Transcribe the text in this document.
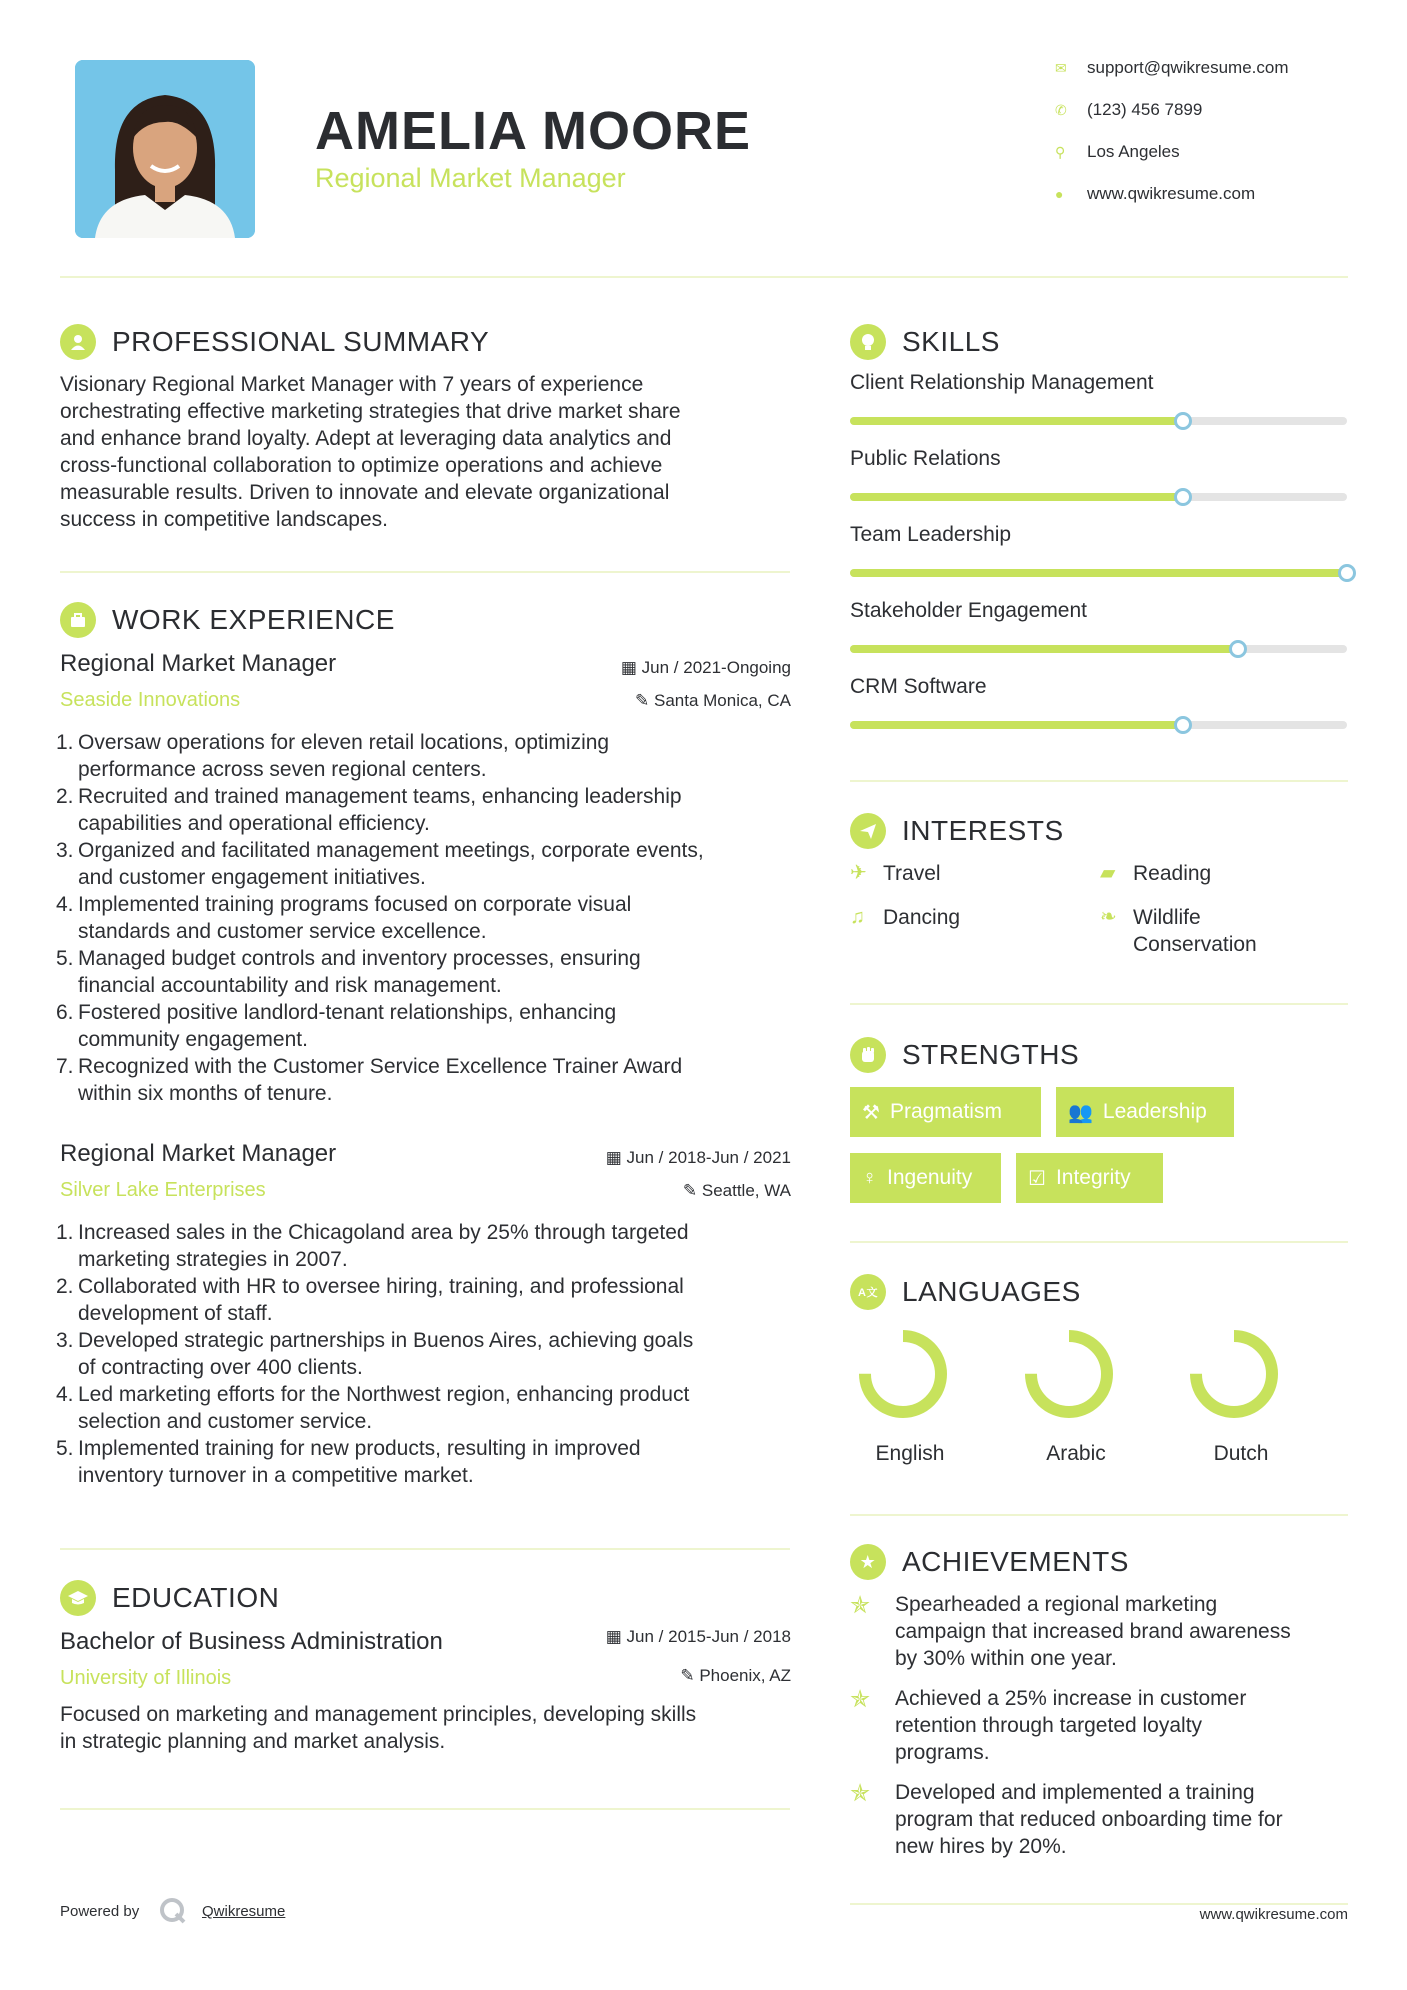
AMELIA MOORE
Regional Market Manager
✉	support@qwikresume.com
✆	(123) 456 7899
⚲	Los Angeles
●	www.qwikresume.com
PROFESSIONAL SUMMARY
Visionary Regional Market Manager with 7 years of experience
orchestrating effective marketing strategies that drive market share
and enhance brand loyalty. Adept at leveraging data analytics and
cross-functional collaboration to optimize operations and achieve
measurable results. Driven to innovate and elevate organizational
success in competitive landscapes.
WORK EXPERIENCE
Regional Market Manager
Seaside Innovations
▦ Jun / 2021-Ongoing
✎ Santa Monica, CA
1. Oversaw operations for eleven retail locations, optimizing
performance across seven regional centers.
2. Recruited and trained management teams, enhancing leadership
capabilities and operational efficiency.
3. Organized and facilitated management meetings, corporate events,
and customer engagement initiatives.
4. Implemented training programs focused on corporate visual
standards and customer service excellence.
5. Managed budget controls and inventory processes, ensuring
financial accountability and risk management.
6. Fostered positive landlord-tenant relationships, enhancing
community engagement.
7. Recognized with the Customer Service Excellence Trainer Award
within six months of tenure.
Regional Market Manager
Silver Lake Enterprises
▦ Jun / 2018-Jun / 2021
✎ Seattle, WA
1. Increased sales in the Chicagoland area by 25% through targeted
marketing strategies in 2007.
2. Collaborated with HR to oversee hiring, training, and professional
development of staff.
3. Developed strategic partnerships in Buenos Aires, achieving goals
of contracting over 400 clients.
4. Led marketing efforts for the Northwest region, enhancing product
selection and customer service.
5. Implemented training for new products, resulting in improved
inventory turnover in a competitive market.
EDUCATION
Bachelor of Business Administration
University of Illinois
▦ Jun / 2015-Jun / 2018
✎ Phoenix, AZ
Focused on marketing and management principles, developing skills
in strategic planning and market analysis.
SKILLS
Client Relationship Management
Public Relations
Team Leadership
Stakeholder Engagement
CRM Software
INTERESTS
✈ Travel	▰ Reading
♫ Dancing	❧ Wildlife
Conservation
STRENGTHS
⚒ Pragmatism	👥 Leadership
♀ Ingenuity	☑ Integrity
A文 LANGUAGES
English	Arabic	Dutch
★ ACHIEVEMENTS
✯	Spearheaded a regional marketing
campaign that increased brand awareness
by 30% within one year.
✯	Achieved a 25% increase in customer
retention through targeted loyalty
programs.
✯	Developed and implemented a training
program that reduced onboarding time for
new hires by 20%.
Powered by	Qwikresume	www.qwikresume.com
